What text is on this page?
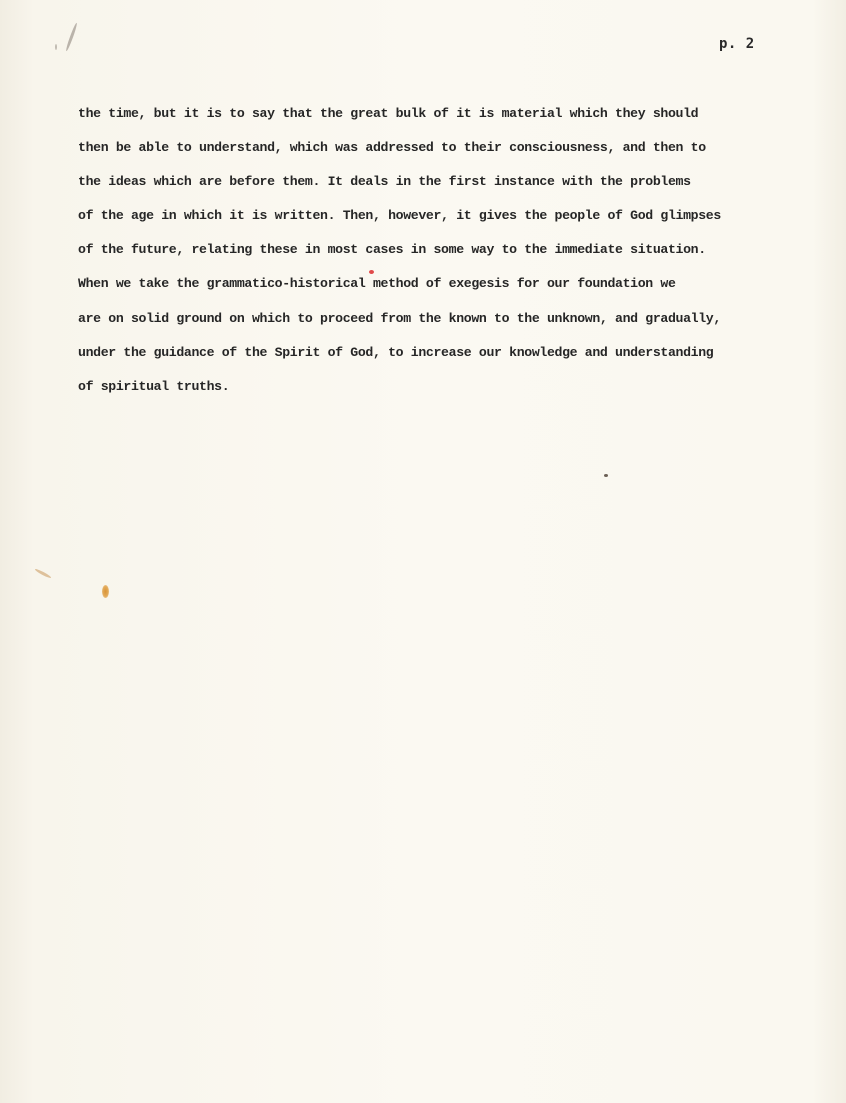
p. 2
the time, but it is to say that the great bulk of it is material which they should
then be able to understand, which was addressed to their consciousness, and then to
the ideas which are before them. It deals in the first instance with the problems
of the age in which it is written. Then, however, it gives the people of God glimpses
of the future, relating these in most cases in some way to the immediate situation.
When we take the grammatico-historical method of exegesis for our foundation we
are on solid ground on which to proceed from the known to the unknown, and gradually,
under the guidance of the Spirit of God, to increase our knowledge and understanding
of spiritual truths.
